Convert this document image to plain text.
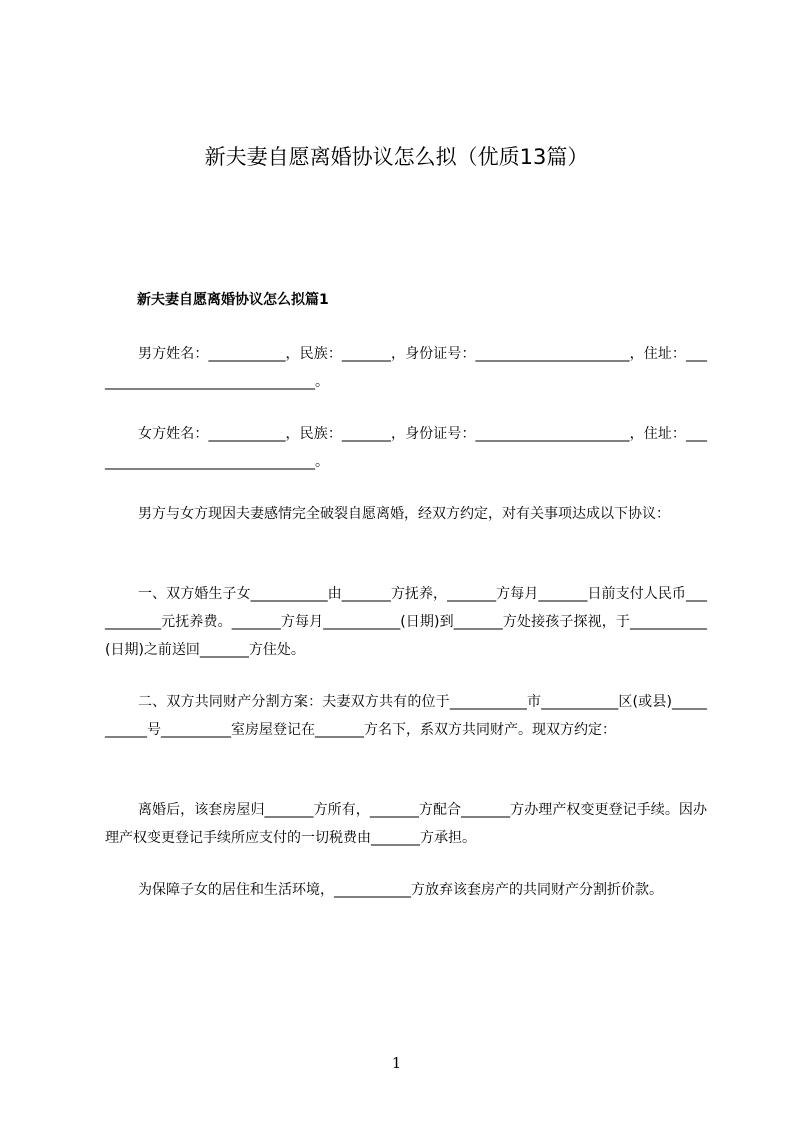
新夫妻自愿离婚协议怎么拟（优质13篇）
新夫妻自愿离婚协议怎么拟篇1

男方姓名：___________，民族：_______，身份证号：______________________，住址：_________________________________。

女方姓名：___________，民族：_______，身份证号：______________________，住址：_________________________________。

男方与女方现因夫妻感情完全破裂自愿离婚，经双方约定，对有关事项达成以下协议：

一、双方婚生子女___________由_______方抚养，_______方每月_______日前支付人民币___________元抚养费。_______方每月___________(日期)到_______方处接孩子探视，于___________(日期)之前送回_______方住处。

二、双方共同财产分割方案：夫妻双方共有的位于___________市___________区(或县)___________号__________室房屋登记在_______方名下，系双方共同财产。现双方约定：

离婚后，该套房屋归_______方所有，_______方配合_______方办理产权变更登记手续。因办理产权变更登记手续所应支付的一切税费由_______方承担。

为保障子女的居住和生活环境，___________方放弃该套房产的共同财产分割折价款。

1
